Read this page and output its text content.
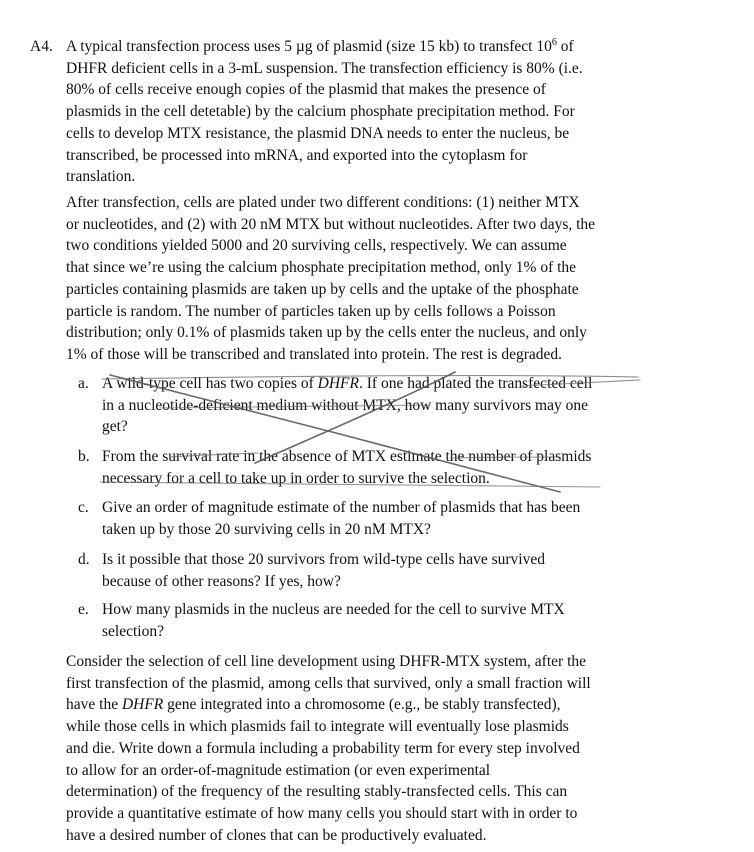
A4. A typical transfection process uses 5 µg of plasmid (size 15 kb) to transfect $10^6$ of
DHFR deficient cells in a 3-mL suspension. The transfection efficiency is 80% (i.e.
80% of cells receive enough copies of the plasmid that makes the presence of
plasmids in the cell detetable) by the calcium phosphate precipitation method. For
cells to develop MTX resistance, the plasmid DNA needs to enter the nucleus, be
transcribed, be processed into mRNA, and exported into the cytoplasm for
translation.
After transfection, cells are plated under two different conditions: (1) neither MTX
or nucleotides, and (2) with 20 nM MTX but without nucleotides. After two days, the
two conditions yielded 5000 and 20 surviving cells, respectively. We can assume
that since we’re using the calcium phosphate precipitation method, only 1% of the
particles containing plasmids are taken up by cells and the uptake of the phosphate
particle is random. The number of particles taken up by cells follows a Poisson
distribution; only 0.1% of plasmids taken up by the cells enter the nucleus, and only
1% of those will be transcribed and translated into protein. The rest is degraded.
a. A wild-type cell has two copies of DHFR. If one had plated the transfected cell
in a nucleotide-deficient medium without MTX, how many survivors may one
get?
b. From the survival rate in the absence of MTX estimate the number of plasmids
necessary for a cell to take up in order to survive the selection.
c. Give an order of magnitude estimate of the number of plasmids that has been
taken up by those 20 surviving cells in 20 nM MTX?
d. Is it possible that those 20 survivors from wild-type cells have survived
because of other reasons? If yes, how?
e. How many plasmids in the nucleus are needed for the cell to survive MTX
selection?
Consider the selection of cell line development using DHFR-MTX system, after the
first transfection of the plasmid, among cells that survived, only a small fraction will
have the DHFR gene integrated into a chromosome (e.g., be stably transfected),
while those cells in which plasmids fail to integrate will eventually lose plasmids
and die. Write down a formula including a probability term for every step involved
to allow for an order-of-magnitude estimation (or even experimental
determination) of the frequency of the resulting stably-transfected cells. This can
provide a quantitative estimate of how many cells you should start with in order to
have a desired number of clones that can be productively evaluated.
